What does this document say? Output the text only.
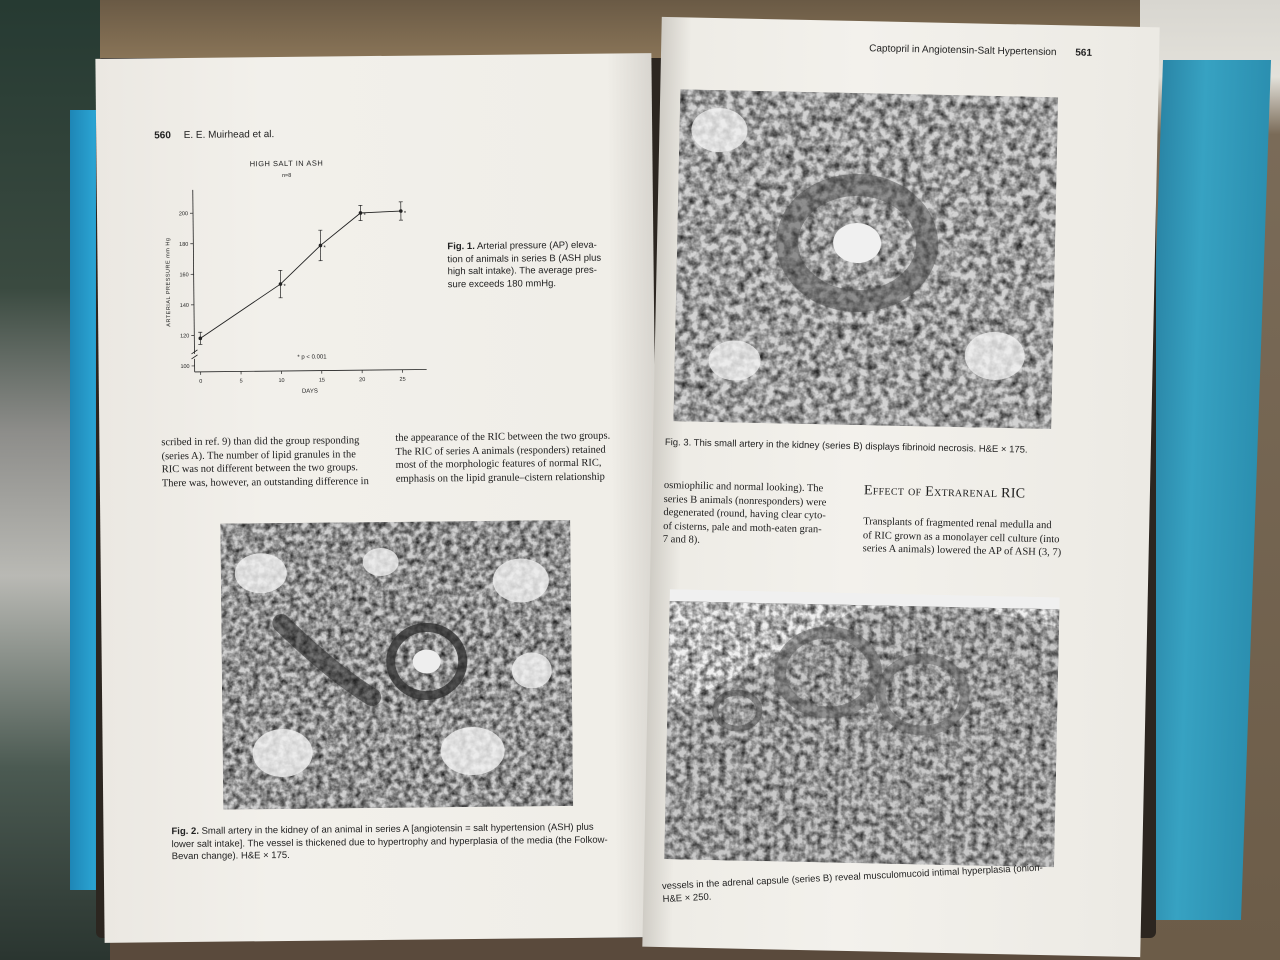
560 E. E. Muirhead et al.
HIGH SALT IN ASH
n=8
ARTERIAL PRESSURE mm Hg
DAYS
* p < 0.001
100
120
140
160
180
200
0	5	10	15	20	25
*
*
*	*
Fig. 1. Arterial pressure (AP) eleva-
tion of animals in series B (ASH plus
high salt intake). The average pres-
sure exceeds 180 mmHg.
scribed in ref. 9) than did the group responding
(series A). The number of lipid granules in the
RIC was not different between the two groups.
There was, however, an outstanding difference in
the appearance of the RIC between the two groups.
The RIC of series A animals (responders) retained
most of the morphologic features of normal RIC,
emphasis on the lipid granule–cistern relationship
Fig. 2. Small artery in the kidney of an animal in series A [angiotensin = salt hypertension (ASH) plus
lower salt intake]. The vessel is thickened due to hypertrophy and hyperplasia of the media (the Folkow-
Bevan change). H&E × 175.
Captopril in Angiotensin-Salt Hypertension 561
Fig. 3. This small artery in the kidney (series B) displays fibrinoid necrosis. H&E × 175.
osmiophilic and normal looking). The
series B animals (nonresponders) were
degenerated (round, having clear cyto-
of cisterns, pale and moth-eaten gran-
7 and 8).
Effect of Extrarenal RIC
Transplants of fragmented renal medulla and
of RIC grown as a monolayer cell culture (into
series A animals) lowered the AP of ASH (3, 7)
vessels in the adrenal capsule (series B) reveal musculomucoid intimal hyperplasia (onion-
H&E × 250.
